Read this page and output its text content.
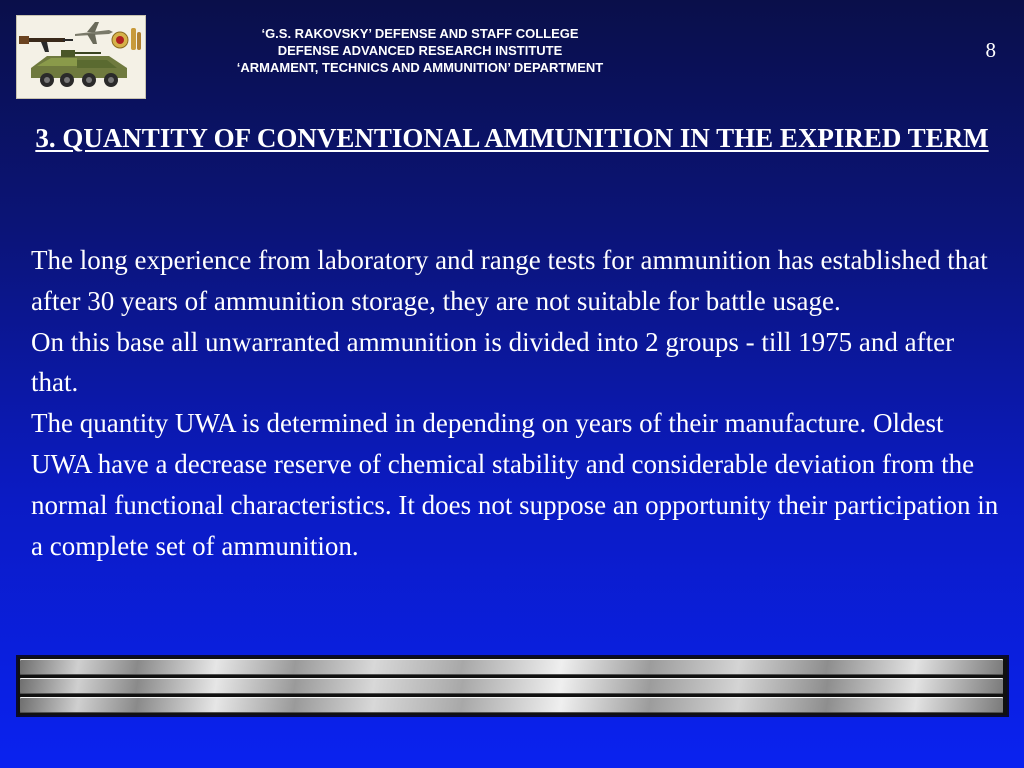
‘G.S. RAKOVSKY’ DEFENSE AND STAFF COLLEGE
DEFENSE ADVANCED RESEARCH INSTITUTE
‘ARMAMENT, TECHNICS AND AMMUNITION’ DEPARTMENT
8
3. QUANTITY OF CONVENTIONAL AMMUNITION IN THE EXPIRED TERM

The long experience from laboratory and range tests for ammunition has established that after 30 years of ammunition storage, they are not suitable for battle usage.

On this base all unwarranted ammunition is divided into 2 groups - till 1975 and after that.

The quantity UWA is determined in depending on years of their manufacture. Oldest UWA have a decrease reserve of chemical stability and considerable deviation from the normal functional characteristics. It does not suppose an opportunity their participation in a complete set of ammunition.
